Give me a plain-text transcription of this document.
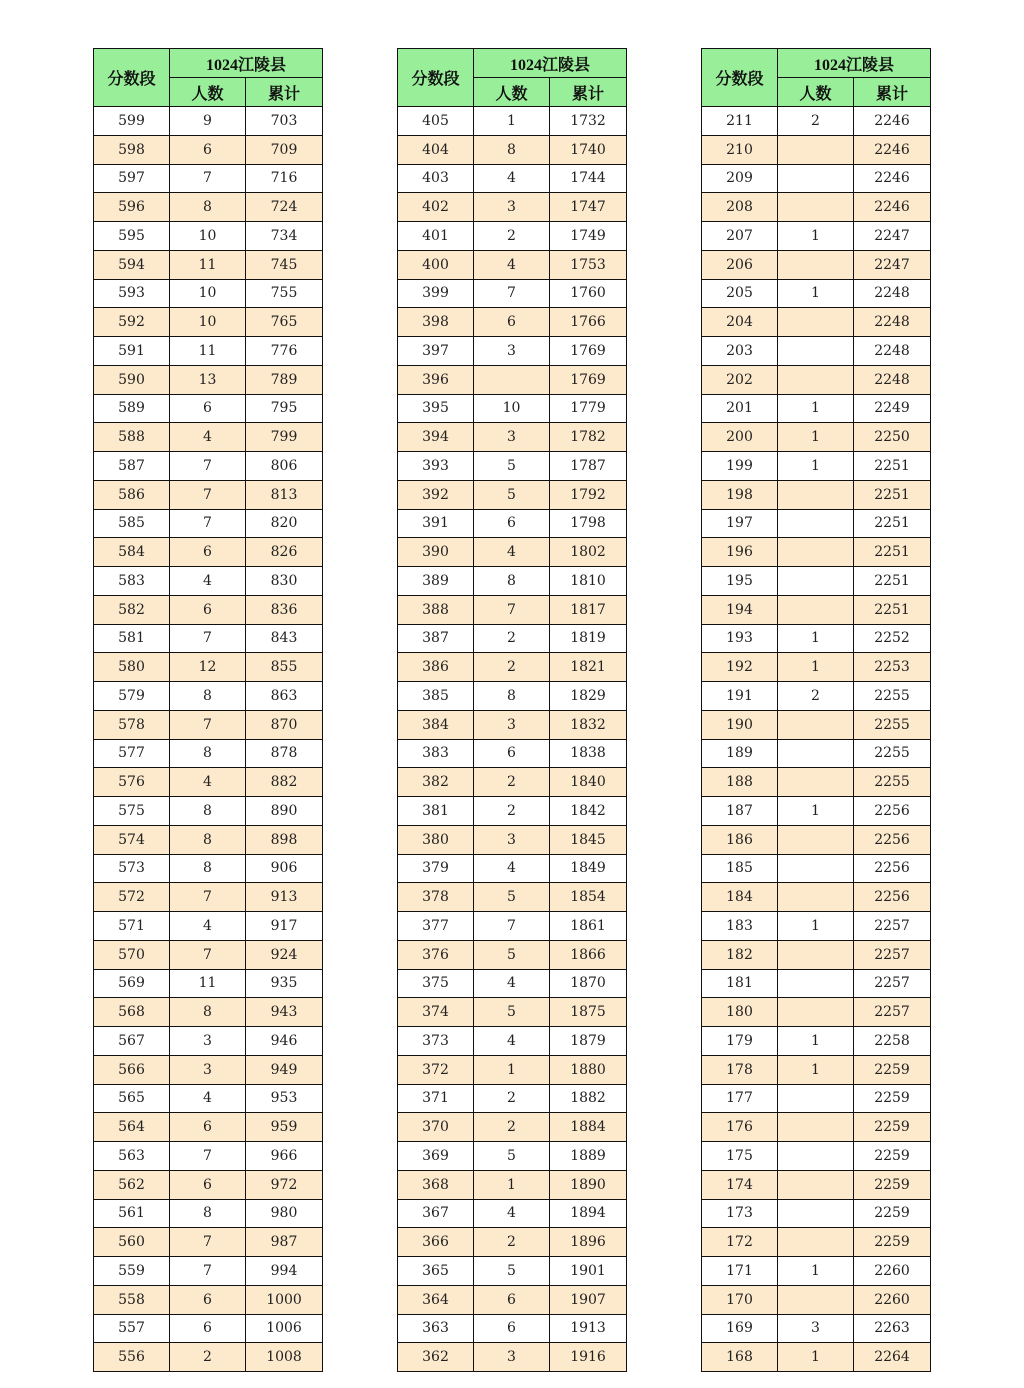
分数段	1024江陵县	
	人数	累计
599	9	703
598	6	709
597	7	716
596	8	724
595	10	734
594	11	745
593	10	755
592	10	765
591	11	776
590	13	789
589	6	795
588	4	799
587	7	806
586	7	813
585	7	820
584	6	826
583	4	830
582	6	836
581	7	843
580	12	855
579	8	863
578	7	870
577	8	878
576	4	882
575	8	890
574	8	898
573	8	906
572	7	913
571	4	917
570	7	924
569	11	935
568	8	943
567	3	946
566	3	949
565	4	953
564	6	959
563	7	966
562	6	972
561	8	980
560	7	987
559	7	994
558	6	1000
557	6	1006
556	2	1008
分数段	1024江陵县	
	人数	累计
405	1	1732
404	8	1740
403	4	1744
402	3	1747
401	2	1749
400	4	1753
399	7	1760
398	6	1766
397	3	1769
396		1769
395	10	1779
394	3	1782
393	5	1787
392	5	1792
391	6	1798
390	4	1802
389	8	1810
388	7	1817
387	2	1819
386	2	1821
385	8	1829
384	3	1832
383	6	1838
382	2	1840
381	2	1842
380	3	1845
379	4	1849
378	5	1854
377	7	1861
376	5	1866
375	4	1870
374	5	1875
373	4	1879
372	1	1880
371	2	1882
370	2	1884
369	5	1889
368	1	1890
367	4	1894
366	2	1896
365	5	1901
364	6	1907
363	6	1913
362	3	1916
分数段	1024江陵县	
	人数	累计
211	2	2246
210		2246
209		2246
208		2246
207	1	2247
206		2247
205	1	2248
204		2248
203		2248
202		2248
201	1	2249
200	1	2250
199	1	2251
198		2251
197		2251
196		2251
195		2251
194		2251
193	1	2252
192	1	2253
191	2	2255
190		2255
189		2255
188		2255
187	1	2256
186		2256
185		2256
184		2256
183	1	2257
182		2257
181		2257
180		2257
179	1	2258
178	1	2259
177		2259
176		2259
175		2259
174		2259
173		2259
172		2259
171	1	2260
170		2260
169	3	2263
168	1	2264
